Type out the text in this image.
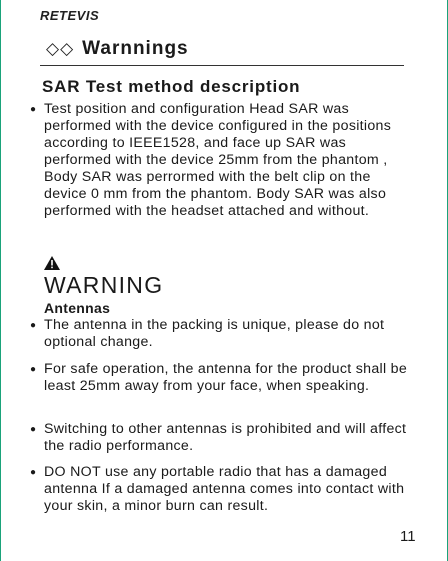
RETEVIS
◇◇ Warnnings
SAR Test method description
● Test position and configuration Head SAR was performed with the device configured in the positions according to IEEE1528, and face up SAR was performed with the device 25mm from the phantom , Body SAR was perrormed with the belt clip on the device 0 mm from the phantom. Body SAR was also performed with the headset attached and without.
WARNING
Antennas
● The antenna in the packing is unique, please do not optional change.
● For safe operation, the antenna for the product shall be least 25mm away from your face, when speaking.
● Switching to other antennas is prohibited and will affect the radio performance.
● DO NOT use any portable radio that has a damaged antenna If a damaged antenna comes into contact with your skin, a minor burn can result.
11
